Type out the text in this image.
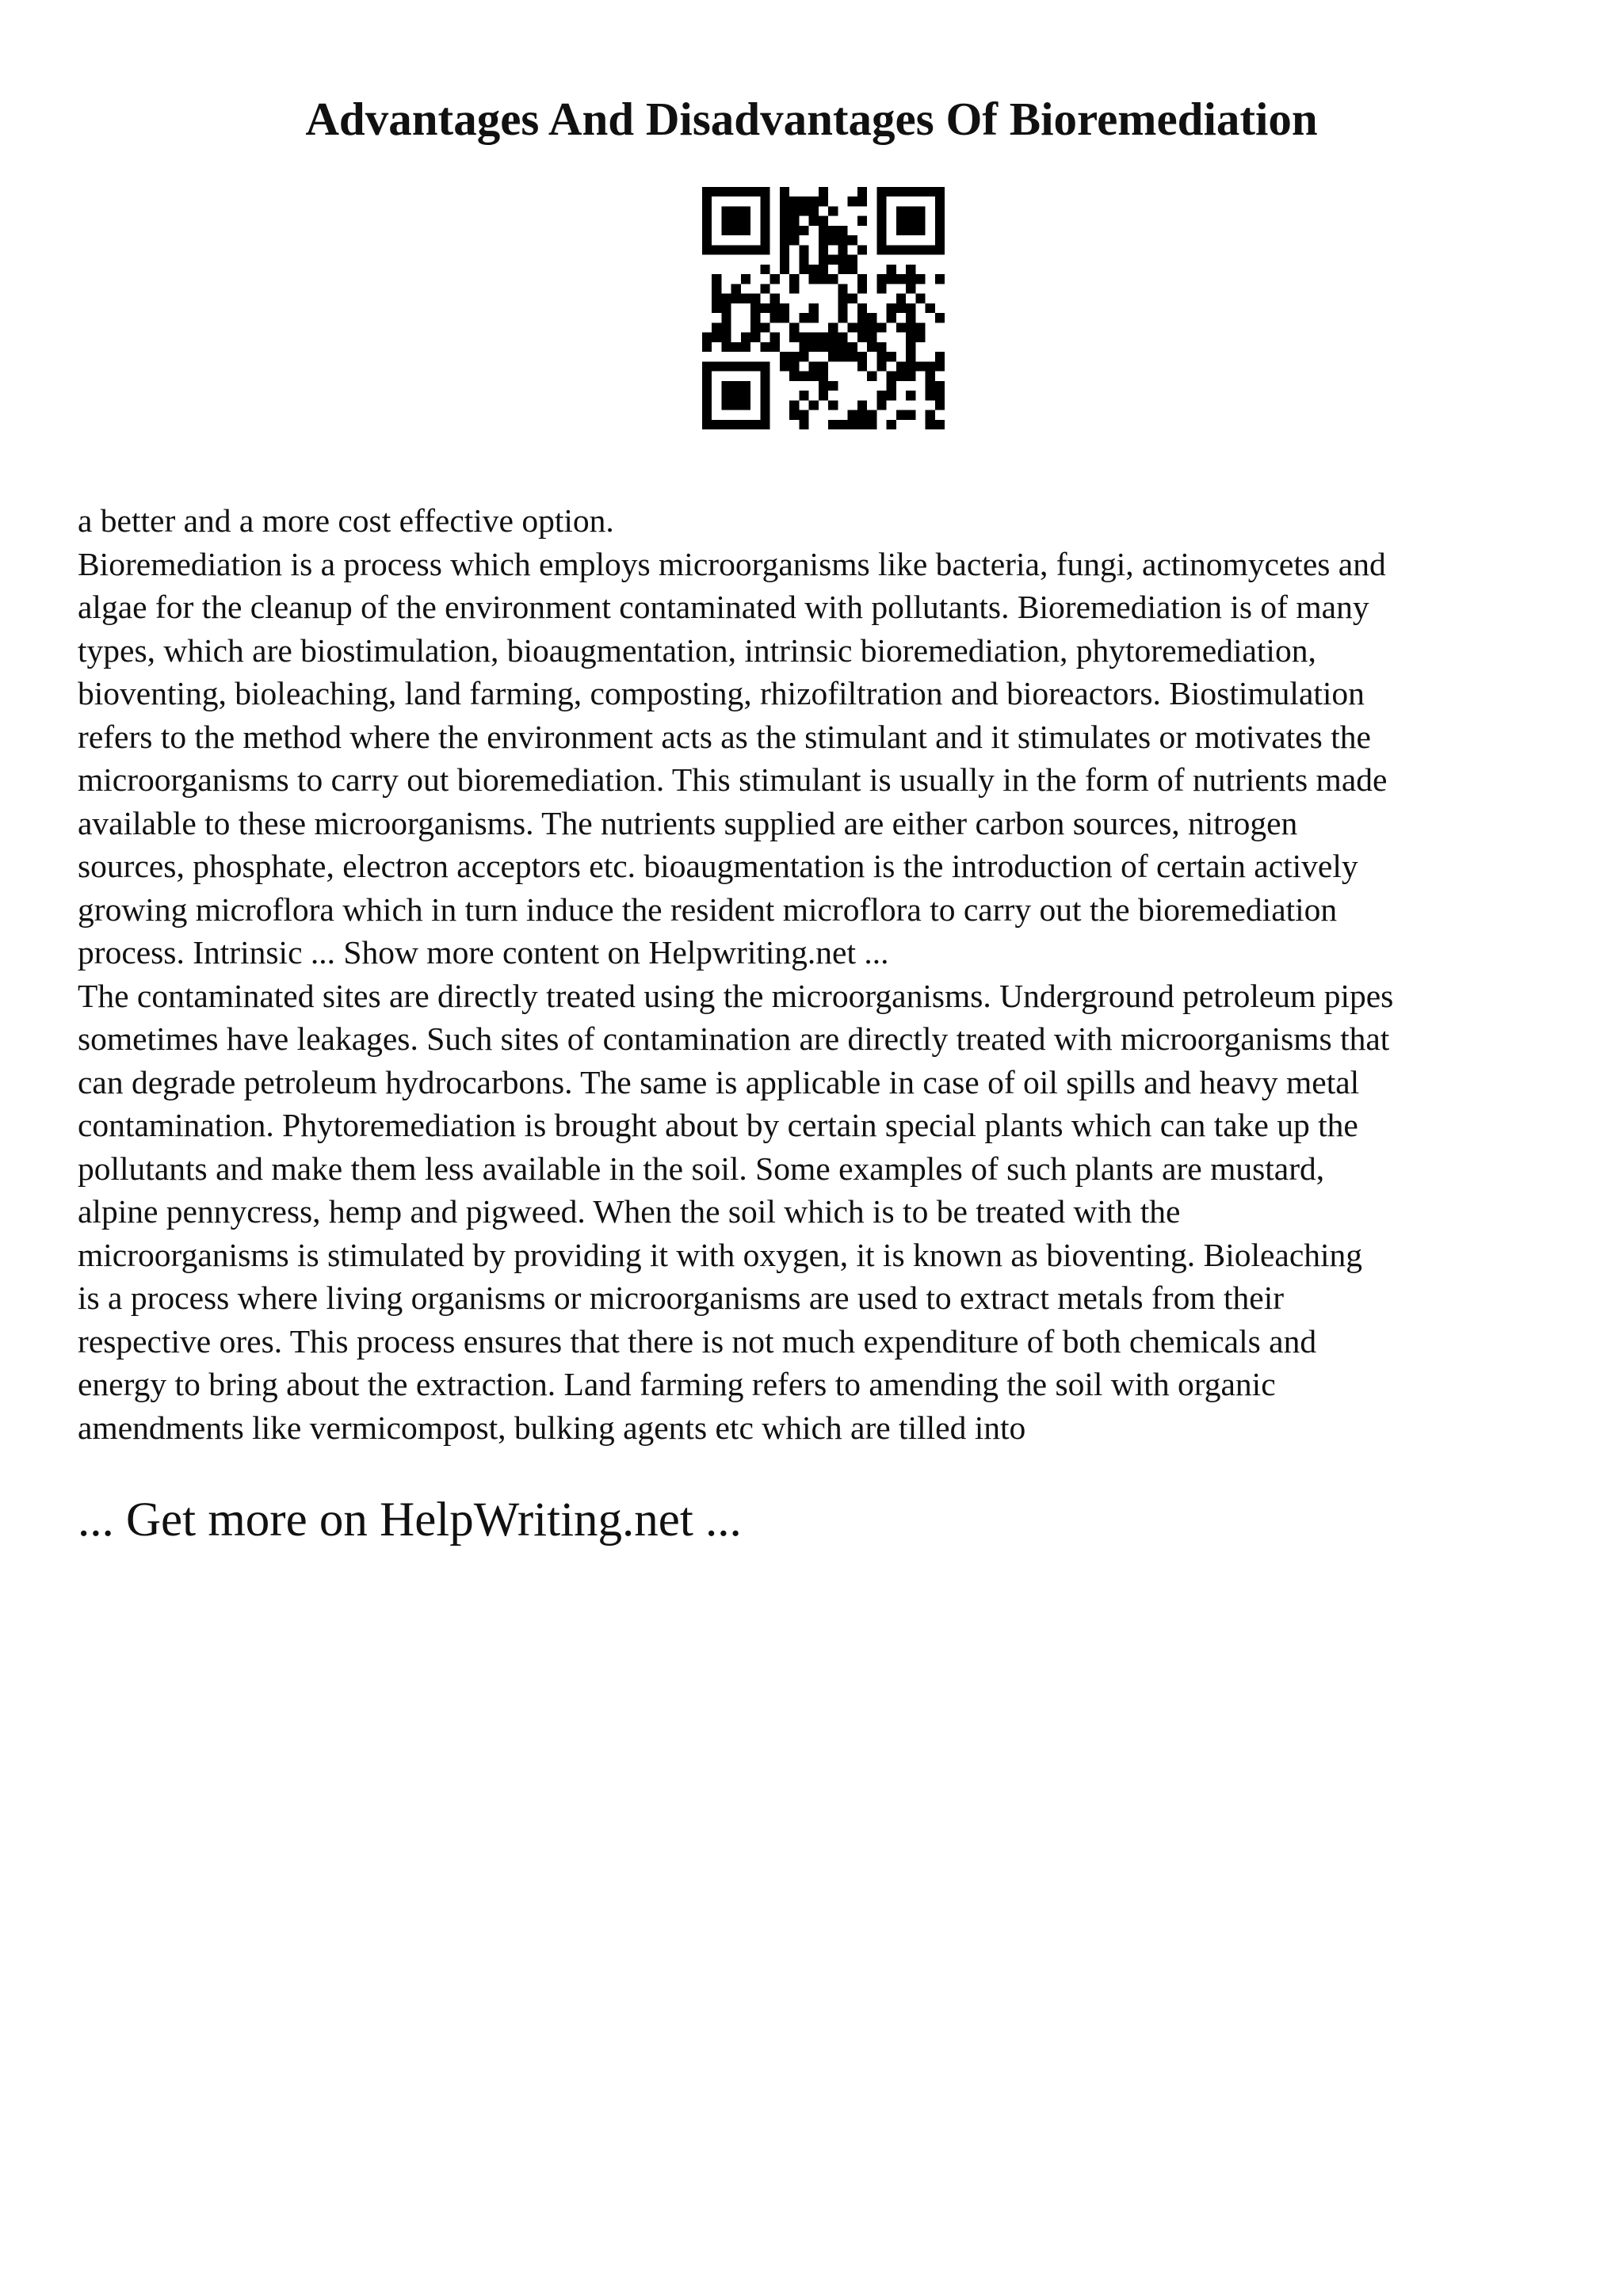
Advantages And Disadvantages Of Bioremediation
a better and a more cost effective option.
Bioremediation is a process which employs microorganisms like bacteria, fungi, actinomycetes and
algae for the cleanup of the environment contaminated with pollutants. Bioremediation is of many
types, which are biostimulation, bioaugmentation, intrinsic bioremediation, phytoremediation,
bioventing, bioleaching, land farming, composting, rhizofiltration and bioreactors. Biostimulation
refers to the method where the environment acts as the stimulant and it stimulates or motivates the
microorganisms to carry out bioremediation. This stimulant is usually in the form of nutrients made
available to these microorganisms. The nutrients supplied are either carbon sources, nitrogen
sources, phosphate, electron acceptors etc. bioaugmentation is the introduction of certain actively
growing microflora which in turn induce the resident microflora to carry out the bioremediation
process. Intrinsic ... Show more content on Helpwriting.net ...
The contaminated sites are directly treated using the microorganisms. Underground petroleum pipes
sometimes have leakages. Such sites of contamination are directly treated with microorganisms that
can degrade petroleum hydrocarbons. The same is applicable in case of oil spills and heavy metal
contamination. Phytoremediation is brought about by certain special plants which can take up the
pollutants and make them less available in the soil. Some examples of such plants are mustard,
alpine pennycress, hemp and pigweed. When the soil which is to be treated with the
microorganisms is stimulated by providing it with oxygen, it is known as bioventing. Bioleaching
is a process where living organisms or microorganisms are used to extract metals from their
respective ores. This process ensures that there is not much expenditure of both chemicals and
energy to bring about the extraction. Land farming refers to amending the soil with organic
amendments like vermicompost, bulking agents etc which are tilled into
... Get more on HelpWriting.net ...
